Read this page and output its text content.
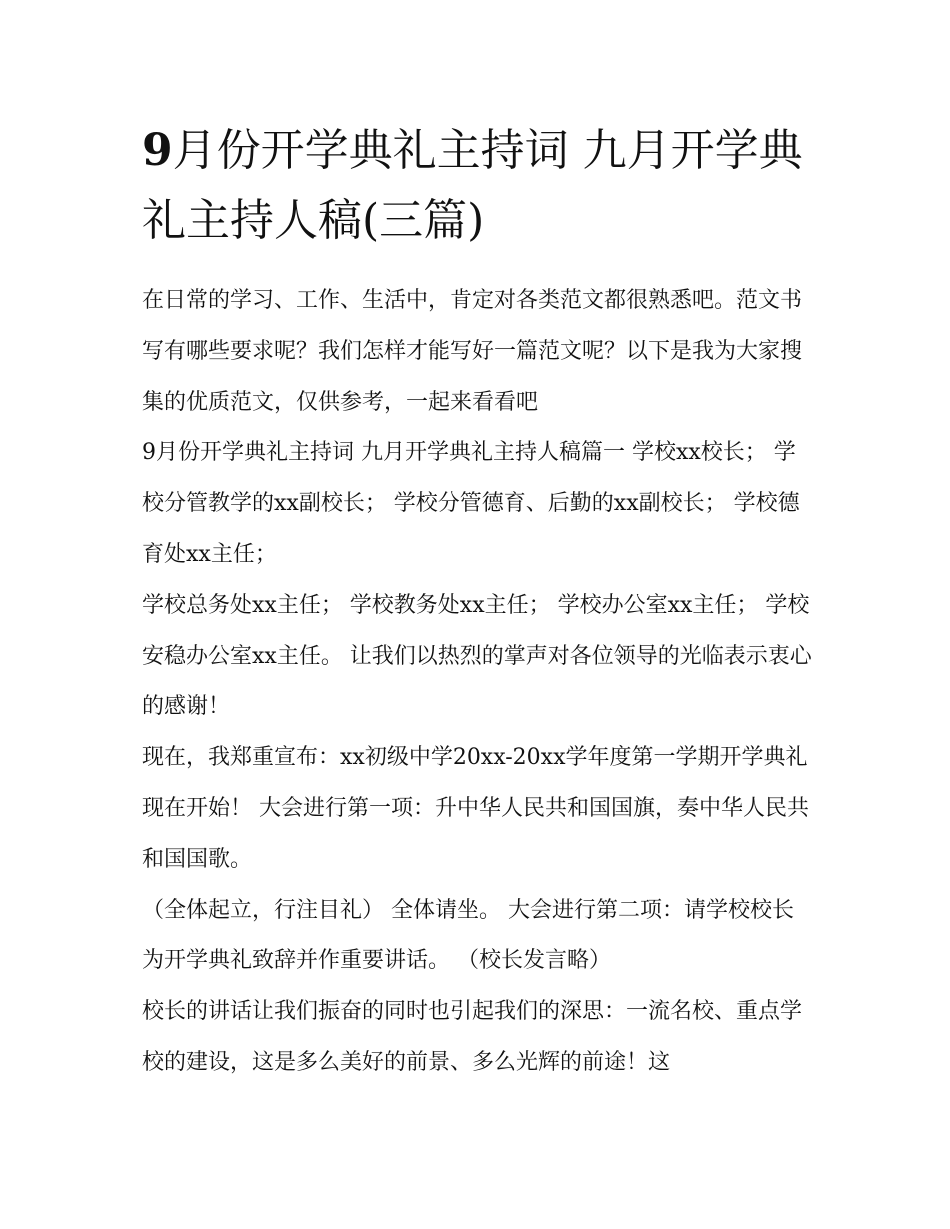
9月份开学典礼主持词 九月开学典礼主持人稿(三篇)

在日常的学习、工作、生活中，肯定对各类范文都很熟悉吧。范文书写有哪些要求呢？我们怎样才能写好一篇范文呢？以下是我为大家搜集的优质范文，仅供参考，一起来看看吧

9月份开学典礼主持词 九月开学典礼主持人稿篇一 学校xx校长； 学校分管教学的xx副校长； 学校分管德育、后勤的xx副校长； 学校德育处xx主任；

学校总务处xx主任； 学校教务处xx主任； 学校办公室xx主任； 学校安稳办公室xx主任。 让我们以热烈的掌声对各位领导的光临表示衷心的感谢！

现在，我郑重宣布：xx初级中学20xx-20xx学年度第一学期开学典礼现在开始！ 大会进行第一项：升中华人民共和国国旗，奏中华人民共和国国歌。

（全体起立，行注目礼） 全体请坐。 大会进行第二项：请学校校长为开学典礼致辞并作重要讲话。 （校长发言略）

校长的讲话让我们振奋的同时也引起我们的深思：一流名校、重点学校的建设，这是多么美好的前景、多么光辉的前途！这
